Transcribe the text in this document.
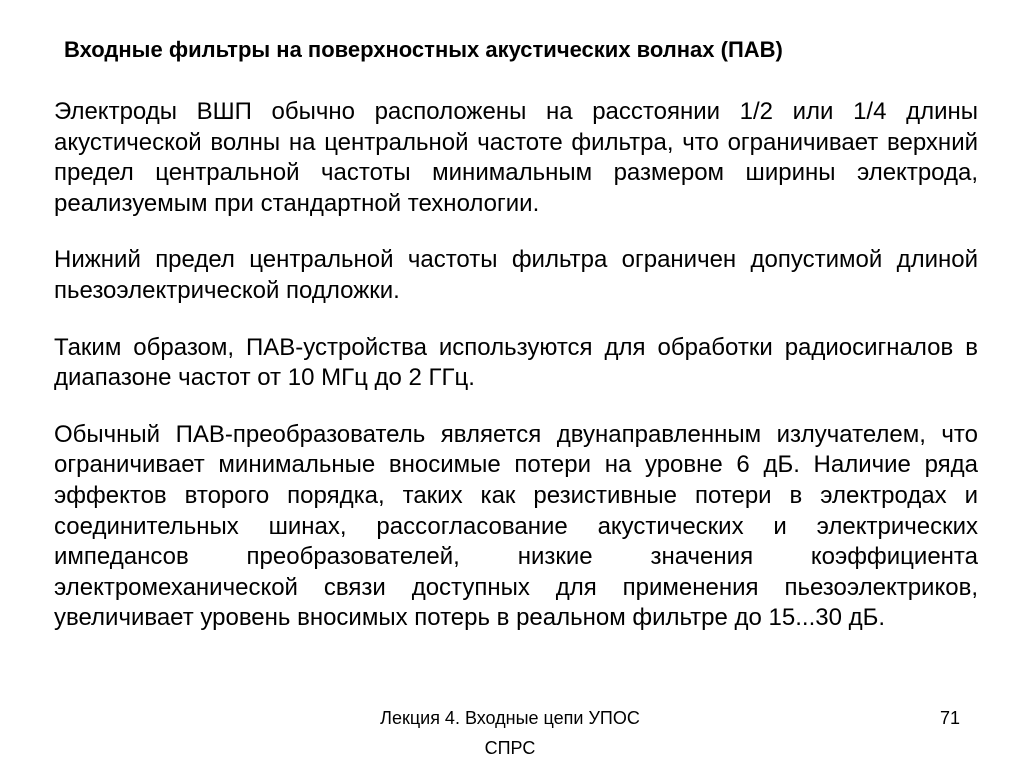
Входные фильтры на поверхностных акустических волнах (ПАВ)

Электроды ВШП обычно расположены на расстоянии 1/2 или 1/4 длины акустической волны на центральной частоте фильтра, что ограничивает верхний предел центральной частоты минимальным размером ширины электрода, реализуемым при стандартной технологии.

Нижний предел центральной частоты фильтра ограничен допустимой длиной пьезоэлектрической подложки.

Таким образом, ПАВ-устройства используются для обработки радиосигналов в диапазоне частот от 10 МГц до 2 ГГц.

Обычный ПАВ-преобразователь является двунаправленным излучателем, что ограничивает минимальные вносимые потери на уровне 6 дБ. Наличие ряда эффектов второго порядка, таких как резистивные потери в электродах и соединительных шинах, рассогласование акустических и электрических импедансов преобразователей, низкие значения коэффициента электромеханической связи доступных для применения пьезоэлектриков, увеличивает уровень вносимых потерь в реальном фильтре до 15...30 дБ.

Лекция 4. Входные цепи УПОС
СПРС
71
